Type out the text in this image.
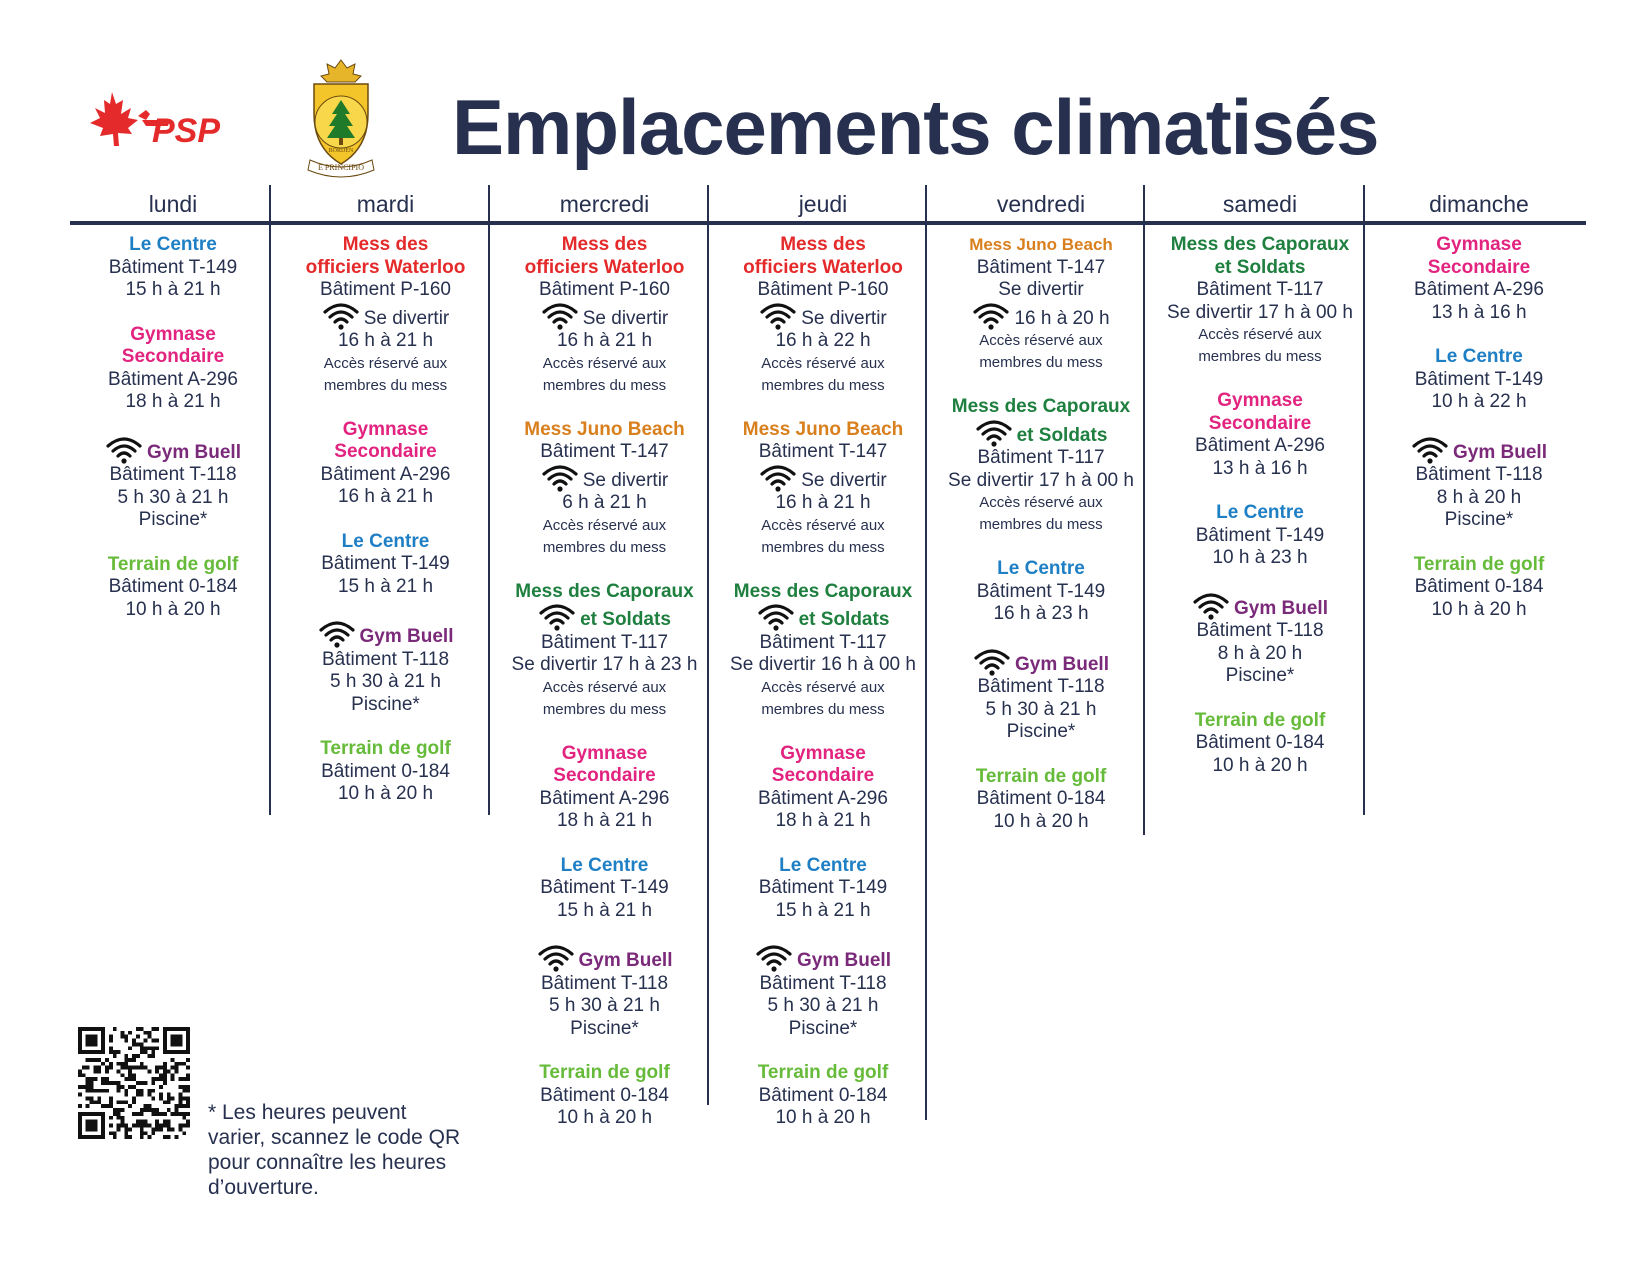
PSP
E PRINCIPIO
BORDEN Emplacements climatisés
lundi
Le Centre
Bâtiment T-149
15 h à 21 h
Gymnase
Secondaire
Bâtiment A-296
18 h à 21 h
Gym Buell
Bâtiment T-118
5 h 30 à 21 h
Piscine*
Terrain de golf
Bâtiment 0-184
10 h à 20 h
mardi
Mess des
officiers Waterloo
Bâtiment P-160
Se divertir
16 h à 21 h
Accès réservé aux
membres du mess
Gymnase
Secondaire
Bâtiment A-296
16 h à 21 h
Le Centre
Bâtiment T-149
15 h à 21 h
Gym Buell
Bâtiment T-118
5 h 30 à 21 h
Piscine*
Terrain de golf
Bâtiment 0-184
10 h à 20 h
mercredi
Mess des
officiers Waterloo
Bâtiment P-160
Se divertir
16 h à 21 h
Accès réservé aux
membres du mess
Mess Juno Beach
Bâtiment T-147
Se divertir
6 h à 21 h
Accès réservé aux
membres du mess
Mess des Caporaux
et Soldats
Bâtiment T-117
Se divertir 17 h à 23 h
Accès réservé aux
membres du mess
Gymnase
Secondaire
Bâtiment A-296
18 h à 21 h
Le Centre
Bâtiment T-149
15 h à 21 h
Gym Buell
Bâtiment T-118
5 h 30 à 21 h
Piscine*
Terrain de golf
Bâtiment 0-184
10 h à 20 h
jeudi
Mess des
officiers Waterloo
Bâtiment P-160
Se divertir
16 h à 22 h
Accès réservé aux
membres du mess
Mess Juno Beach
Bâtiment T-147
Se divertir
16 h à 21 h
Accès réservé aux
membres du mess
Mess des Caporaux
et Soldats
Bâtiment T-117
Se divertir 16 h à 00 h
Accès réservé aux
membres du mess
Gymnase
Secondaire
Bâtiment A-296
18 h à 21 h
Le Centre
Bâtiment T-149
15 h à 21 h
Gym Buell
Bâtiment T-118
5 h 30 à 21 h
Piscine*
Terrain de golf
Bâtiment 0-184
10 h à 20 h
vendredi
Mess Juno Beach
Bâtiment T-147
Se divertir
16 h à 20 h
Accès réservé aux
membres du mess
Mess des Caporaux
et Soldats
Bâtiment T-117
Se divertir 17 h à 00 h
Accès réservé aux
membres du mess
Le Centre
Bâtiment T-149
16 h à 23 h
Gym Buell
Bâtiment T-118
5 h 30 à 21 h
Piscine*
Terrain de golf
Bâtiment 0-184
10 h à 20 h
samedi
Mess des Caporaux
et Soldats
Bâtiment T-117
Se divertir 17 h à 00 h
Accès réservé aux
membres du mess
Gymnase
Secondaire
Bâtiment A-296
13 h à 16 h
Le Centre
Bâtiment T-149
10 h à 23 h
Gym Buell
Bâtiment T-118
8 h à 20 h
Piscine*
Terrain de golf
Bâtiment 0-184
10 h à 20 h
dimanche
Gymnase
Secondaire
Bâtiment A-296
13 h à 16 h
Le Centre
Bâtiment T-149
10 h à 22 h
Gym Buell
Bâtiment T-118
8 h à 20 h
Piscine*
Terrain de golf
Bâtiment 0-184
10 h à 20 h
* Les heures peuvent varier, scannez le code QR pour connaître les heures d’ouverture.
